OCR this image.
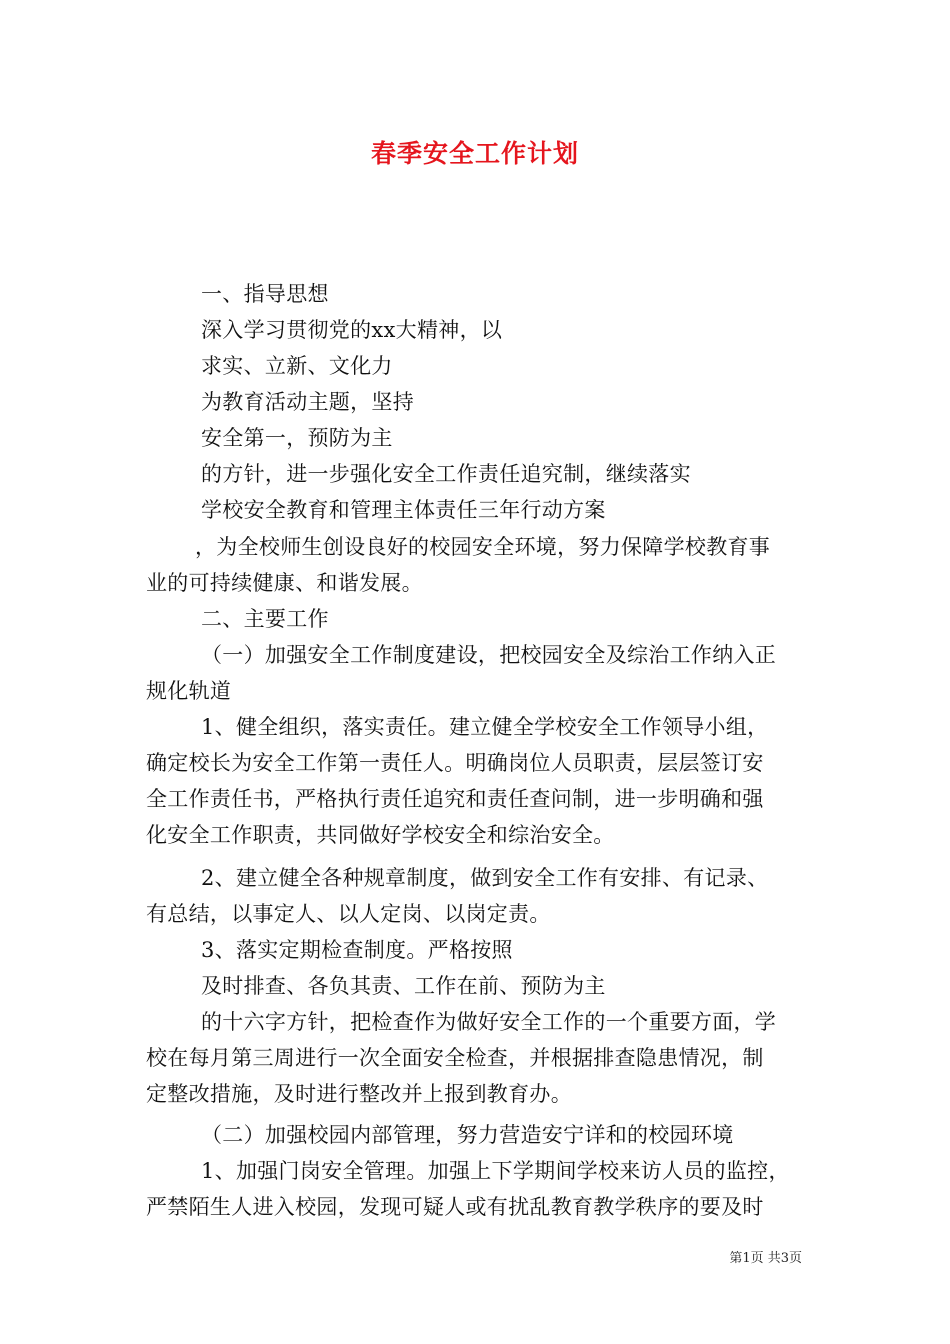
春季安全工作计划
一、指导思想
深入学习贯彻党的xx大精神，以
求实、立新、文化力
为教育活动主题，坚持
安全第一，预防为主
的方针，进一步强化安全工作责任追究制，继续落实
学校安全教育和管理主体责任三年行动方案
，为全校师生创设良好的校园安全环境，努力保障学校教育事
业的可持续健康、和谐发展。
二、主要工作
（一）加强安全工作制度建设，把校园安全及综治工作纳入正
规化轨道
1、健全组织，落实责任。建立健全学校安全工作领导小组，
确定校长为安全工作第一责任人。明确岗位人员职责，层层签订安
全工作责任书，严格执行责任追究和责任查问制，进一步明确和强
化安全工作职责，共同做好学校安全和综治安全。
2、建立健全各种规章制度，做到安全工作有安排、有记录、
有总结，以事定人、以人定岗、以岗定责。
3、落实定期检查制度。严格按照
及时排查、各负其责、工作在前、预防为主
的十六字方针，把检查作为做好安全工作的一个重要方面，学
校在每月第三周进行一次全面安全检查，并根据排查隐患情况，制
定整改措施，及时进行整改并上报到教育办。
（二）加强校园内部管理，努力营造安宁详和的校园环境
1、加强门岗安全管理。加强上下学期间学校来访人员的监控，
严禁陌生人进入校园，发现可疑人或有扰乱教育教学秩序的要及时
第1页 共3页
